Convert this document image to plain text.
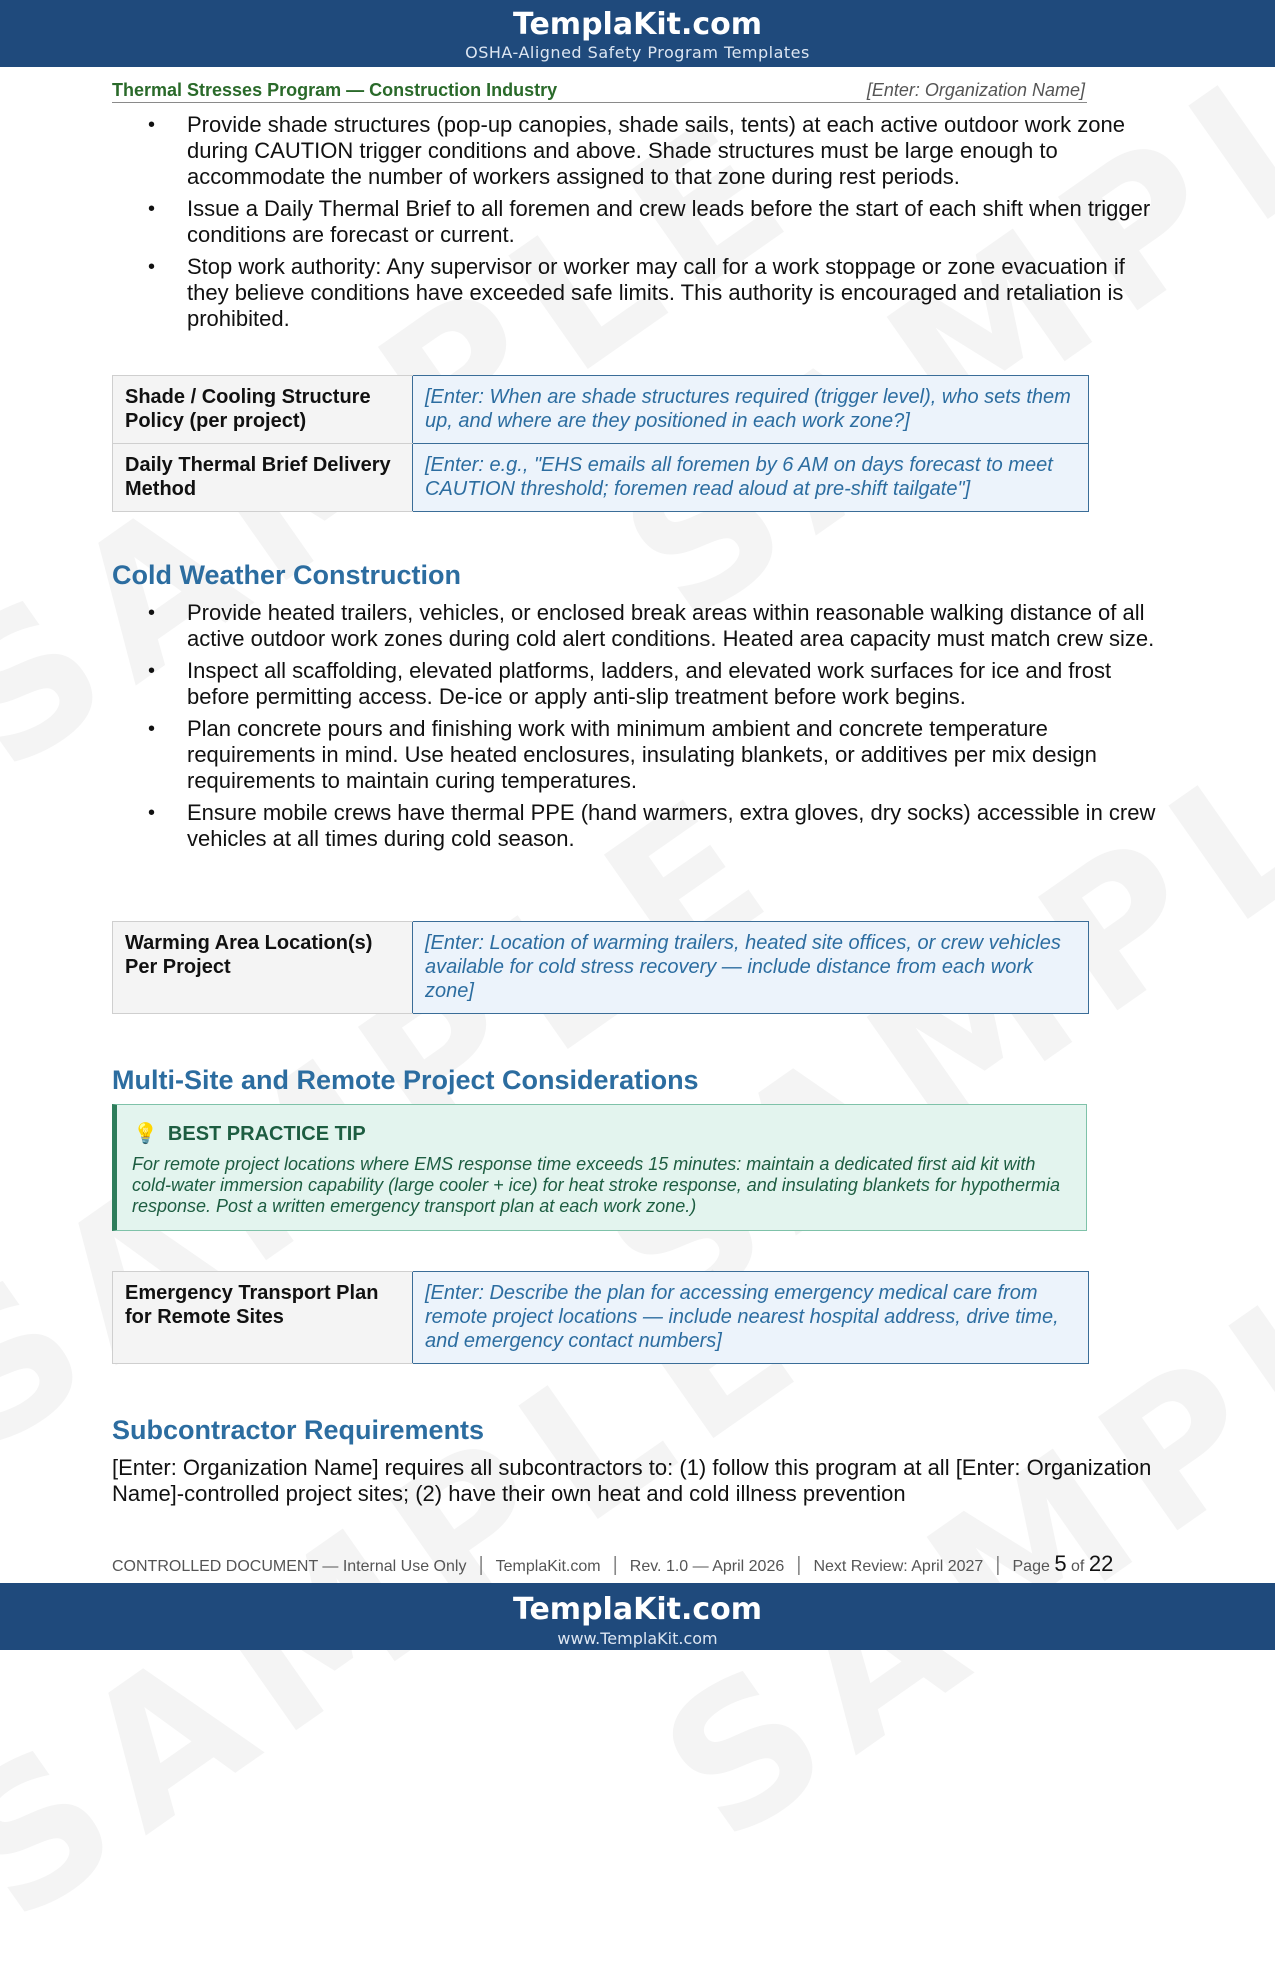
TemplaKit.com
OSHA-Aligned Safety Program Templates
Thermal Stresses Program — Construction Industry	[Enter: Organization Name]
• Provide shade structures (pop-up canopies, shade sails, tents) at each active outdoor work zone during CAUTION trigger conditions and above. Shade structures must be large enough to accommodate the number of workers assigned to that zone during rest periods.
• Issue a Daily Thermal Brief to all foremen and crew leads before the start of each shift when trigger conditions are forecast or current.
• Stop work authority: Any supervisor or worker may call for a work stoppage or zone evacuation if they believe conditions have exceeded safe limits. This authority is encouraged and retaliation is prohibited.
Shade / Cooling Structure Policy (per project)	[Enter: When are shade structures required (trigger level), who sets them up, and where are they positioned in each work zone?]
Daily Thermal Brief Delivery Method	[Enter: e.g., "EHS emails all foremen by 6 AM on days forecast to meet CAUTION threshold; foremen read aloud at pre-shift tailgate"]
Cold Weather Construction
• Provide heated trailers, vehicles, or enclosed break areas within reasonable walking distance of all active outdoor work zones during cold alert conditions. Heated area capacity must match crew size.
• Inspect all scaffolding, elevated platforms, ladders, and elevated work surfaces for ice and frost before permitting access. De-ice or apply anti-slip treatment before work begins.
• Plan concrete pours and finishing work with minimum ambient and concrete temperature requirements in mind. Use heated enclosures, insulating blankets, or additives per mix design requirements to maintain curing temperatures.
• Ensure mobile crews have thermal PPE (hand warmers, extra gloves, dry socks) accessible in crew vehicles at all times during cold season.
Warming Area Location(s) Per Project	[Enter: Location of warming trailers, heated site offices, or crew vehicles available for cold stress recovery — include distance from each work zone]
Multi-Site and Remote Project Considerations
💡 BEST PRACTICE TIP
For remote project locations where EMS response time exceeds 15 minutes: maintain a dedicated first aid kit with cold-water immersion capability (large cooler + ice) for heat stroke response, and insulating blankets for hypothermia response. Post a written emergency transport plan at each work zone.)
Emergency Transport Plan for Remote Sites	[Enter: Describe the plan for accessing emergency medical care from remote project locations — include nearest hospital address, drive time, and emergency contact numbers]
Subcontractor Requirements
[Enter: Organization Name] requires all subcontractors to: (1) follow this program at all [Enter: Organization Name]-controlled project sites; (2) have their own heat and cold illness prevention
CONTROLLED DOCUMENT — Internal Use Only | TemplaKit.com | Rev. 1.0 — April 2026 | Next Review: April 2027 | Page 5 of 22
TemplaKit.com
www.TemplaKit.com
